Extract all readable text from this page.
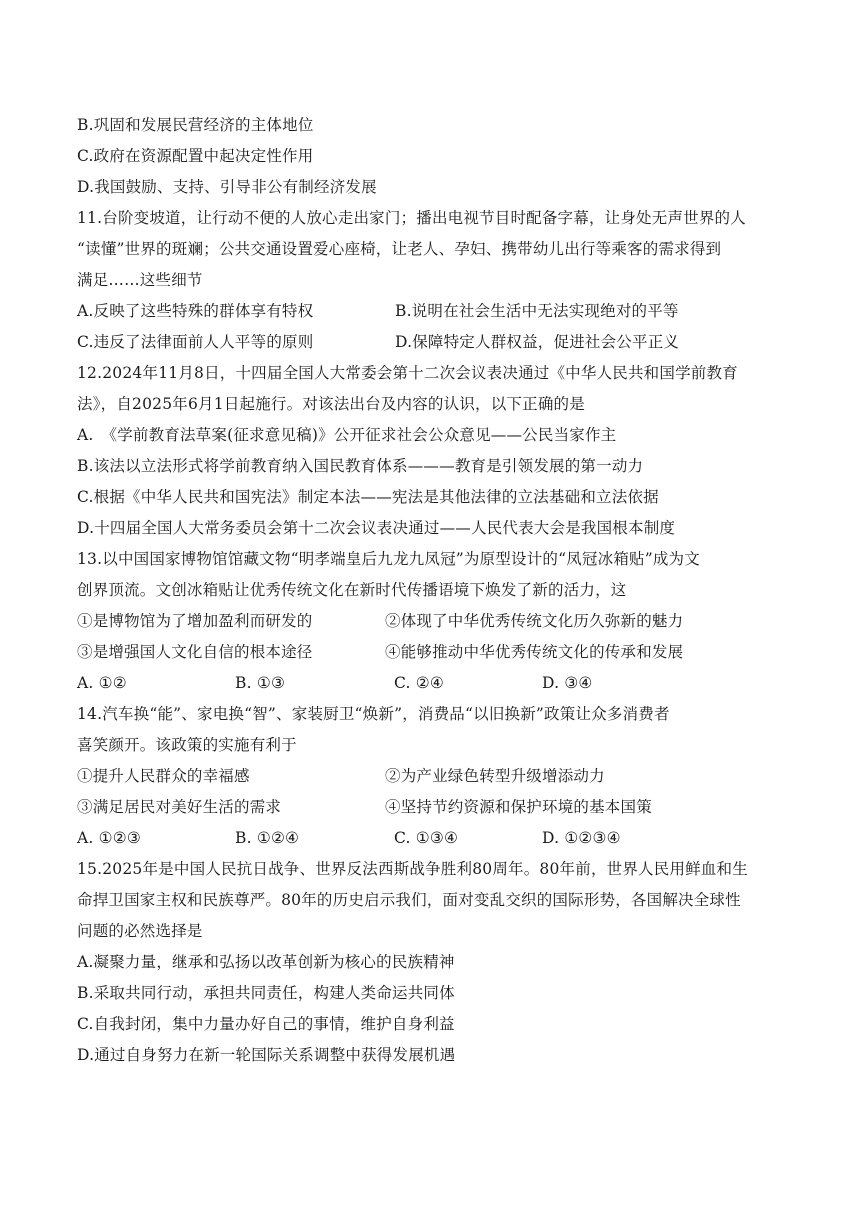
B.巩固和发展民营经济的主体地位
C.政府在资源配置中起决定性作用
D.我国鼓励、支持、引导非公有制经济发展
11.台阶变坡道，让行动不便的人放心走出家门；播出电视节目时配备字幕，让身处无声世界的人
“读懂”世界的斑斓；公共交通设置爱心座椅，让老人、孕妇、携带幼儿出行等乘客的需求得到
满足……这些细节
A.反映了这些特殊的群体享有特权	B.说明在社会生活中无法实现绝对的平等
C.违反了法律面前人人平等的原则	D.保障特定人群权益，促进社会公平正义
12.2024年11月8日，十四届全国人大常委会第十二次会议表决通过《中华人民共和国学前教育
法》，自2025年6月1日起施行。对该法出台及内容的认识，以下正确的是
A.　《学前教育法草案(征求意见稿)》公开征求社会公众意见——公民当家作主
B.该法以立法形式将学前教育纳入国民教育体系———教育是引领发展的第一动力
C.根据《中华人民共和国宪法》制定本法——宪法是其他法律的立法基础和立法依据
D.十四届全国人大常务委员会第十二次会议表决通过——人民代表大会是我国根本制度
13.以中国国家博物馆馆藏文物“明孝端皇后九龙九凤冠”为原型设计的“凤冠冰箱贴”成为文
创界顶流。文创冰箱贴让优秀传统文化在新时代传播语境下焕发了新的活力，这
①是博物馆为了增加盈利而研发的	②体现了中华优秀传统文化历久弥新的魅力
③是增强国人文化自信的根本途径	④能够推动中华优秀传统文化的传承和发展
A. ①②	B. ①③	C. ②④	D. ③④
14.汽车换“能”、家电换“智”、家装厨卫“焕新”，消费品“以旧换新”政策让众多消费者
喜笑颜开。该政策的实施有利于
①提升人民群众的幸福感	②为产业绿色转型升级增添动力
③满足居民对美好生活的需求	④坚持节约资源和保护环境的基本国策
A. ①②③	B. ①②④	C. ①③④	D. ①②③④
15.2025年是中国人民抗日战争、世界反法西斯战争胜利80周年。80年前，世界人民用鲜血和生
命捍卫国家主权和民族尊严。80年的历史启示我们，面对变乱交织的国际形势，各国解决全球性
问题的必然选择是
A.凝聚力量，继承和弘扬以改革创新为核心的民族精神
B.采取共同行动，承担共同责任，构建人类命运共同体
C.自我封闭，集中力量办好自己的事情，维护自身利益
D.通过自身努力在新一轮国际关系调整中获得发展机遇
